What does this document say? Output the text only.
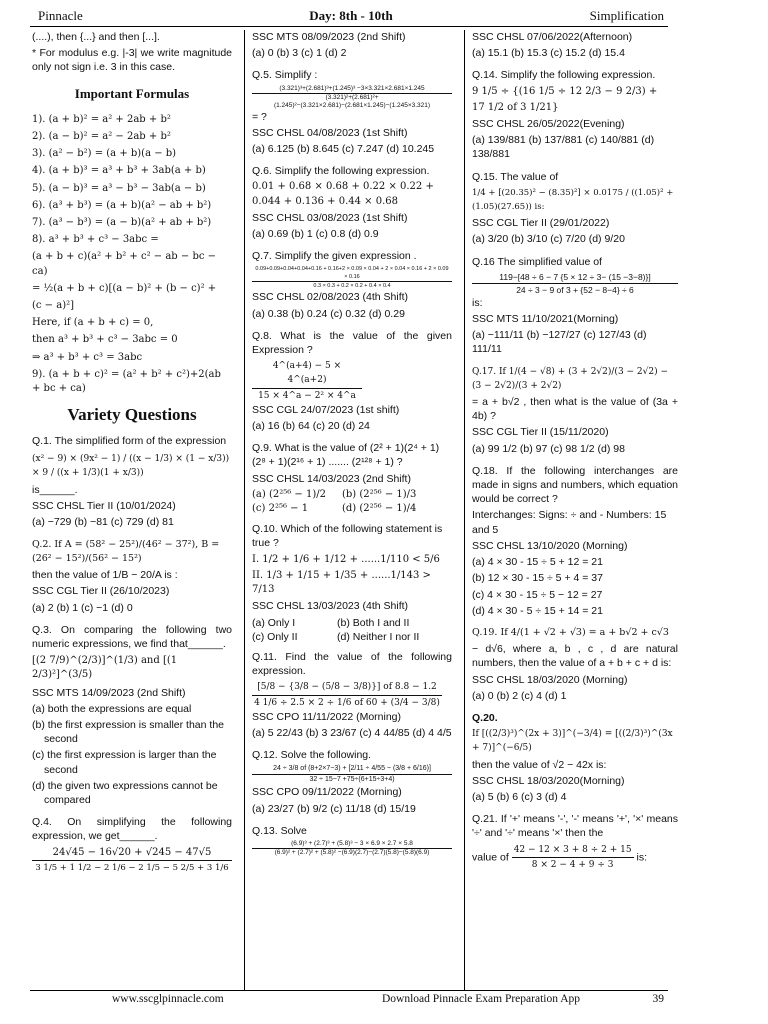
Pinnacle	Day: 8th - 10th	Simplification
(....), then {...} and then [...].
* For modulus e.g. |-3| we write magnitude only not sign i.e. 3 in this case.
Important Formulas
1). (a + b)² = a² + 2ab + b²
2). (a − b)² = a² − 2ab + b²
3). (a² − b²) = (a + b)(a − b)
4). (a + b)³ = a³ + b³ + 3ab(a + b)
5). (a − b)³ = a³ − b³ − 3ab(a − b)
6). (a³ + b³) = (a + b)(a² − ab + b²)
7). (a³ − b³) = (a − b)(a² + ab + b²)
8). a³ + b³ + c³ − 3abc =
(a + b + c)(a² + b² + c² − ab − bc − ca)
= ½(a + b + c)[(a − b)² + (b − c)² +
(c − a)²]
Here, if (a + b + c) = 0,
then a³ + b³ + c³ − 3abc = 0
⇒ a³ + b³ + c³ = 3abc
9). (a + b + c)² = (a² + b² + c²)+2(ab + bc + ca)
Variety Questions
Q.1. The simplified form of the expression
(x² − 9) × (9x² − 1) / ((x − 1/3) × (1 − x/3)) × 9 / ((x + 1/3)(1 + x/3))
is______.
SSC CHSL Tier II (10/01/2024)
(a) −729 (b) −81 (c) 729 (d) 81
Q.2. If A = (58² − 25²)/(46² − 37²), B = (26² − 15²)/(56² − 15²)
then the value of 1/B − 20/A is :
SSC CGL Tier II (26/10/2023)
(a) 2 (b) 1 (c) −1 (d) 0
Q.3. On comparing the following two numeric expressions, we find that______.
[(2 7/9)^(2/3)]^(1/3) and [(1 2/3)²]^(3/5)
SSC MTS 14/09/2023 (2nd Shift)
(a) both the expressions are equal
(b) the first expression is smaller than the second
(c) the first expression is larger than the second
(d) the given two expressions cannot be compared
Q.4. On simplifying the following expression, we get______.
$\frac{24√45 - 16√20 + √245 - 47√5}{3 1/5 + 1 1/2 - 2 1/6 - 2 1/5 - 5 2/5 + 3 1/6}$
SSC MTS 08/09/2023 (2nd Shift)
(a) 0 (b) 3 (c) 1 (d) 2
Q.5. Simplify :
(3.321)³+(2.681)³+(1.245)³ −3×3.321×2.681×1.245
(3.321)²+(2.681)²+(1.245)²−(3.321×2.681)−(2.681×1.245)−(1.245×3.321)
= ?
SSC CHSL 04/08/2023 (1st Shift)
(a) 6.125 (b) 8.645 (c) 7.247 (d) 10.245
Q.6. Simplify the following expression.
0.01 + 0.68 × 0.68 + 0.22 × 0.22 + 0.044 + 0.136 + 0.44 × 0.68
SSC CHSL 03/08/2023 (1st Shift)
(a) 0.69 (b) 1 (c) 0.8 (d) 0.9
Q.7. Simplify the given expression .
0.09+0.09+0.04+0.04+0.16 + 0.16+2 × 0.09 × 0.04 + 2 × 0.04 × 0.16 + 2 × 0.09 × 0.16
0.3 × 0.3 + 0.2 × 0.2 + 0.4 × 0.4
SSC CHSL 02/08/2023 (4th Shift)
(a) 0.38 (b) 0.24 (c) 0.32 (d) 0.29
Q.8. What is the value of the given Expression ?
$\frac{4\^{}(a+4) - 5 \times 4\^{}(a+2)}{\text{15 × 4\textasciicircum{}a − 2² × 4\textasciicircum{}a}}$
SSC CGL 24/07/2023 (1st shift)
(a) 16 (b) 64 (c) 20 (d) 24
Q.9. What is the value of (2² + 1)(2⁴ + 1)(2⁸ + 1)(2¹⁶ + 1) ....... (2¹²⁸ + 1) ?
SSC CHSL 14/03/2023 (2nd Shift)
(a) (2²⁵⁶ − 1)/2	(b) (2²⁵⁶ − 1)/3
(c) 2²⁵⁶ − 1	(d) (2²⁵⁶ − 1)/4
Q.10. Which of the following statement is true ?
I. 1/2 + 1/6 + 1/12 + ......1/110 < 5/6
II. 1/3 + 1/15 + 1/35 + ......1/143 > 7/13
SSC CHSL 13/03/2023 (4th Shift)
(a) Only I	(b) Both I and II
(c) Only II	(d) Neither I nor II
Q.11. Find the value of the following expression.
$\frac{[5/8 - \{3/8 - (5/8 - 3/8)\}] of 8.8 - 1.2}{4 1/6 \div 2.5 \times 2 \div 1/6 of 60 + (3/4 - 3/8)}$
SSC CPO 11/11/2022 (Morning)
(a) 5 22/43 (b) 3 23/67 (c) 4 44/85 (d) 4 4/5
Q.12. Solve the following.
$\frac{24 \div 3/8 of (8+2\times 7-3) + [2/11 \div 4/55 - (3/8 + 6/16)]}{32 \div 15-7 +75\div(6+15\div 3+4)}$
SSC CPO 09/11/2022 (Morning)
(a) 23/27 (b) 9/2 (c) 11/18 (d) 15/19
Q.13. Solve
$\frac{\text{(6.9)³ + (2.7)³ + (5.8)³ − 3 × 6.9 × 2.7 × 5.8}}{\text{(6.9)² + (2.7)² + (5.8)² −(6.9)(2.7)−(2.7)(5.8)−(5.8)(6.9)}}$
SSC CHSL 07/06/2022(Afternoon)
(a) 15.1 (b) 15.3 (c) 15.2 (d) 15.4
Q.14. Simplify the following expression.
9 1/5 ÷ {(16 1/5 ÷ 12 2/3 − 9 2/3) +
17 1/2 of 3 1/21}
SSC CHSL 26/05/2022(Evening)
(a) 139/881 (b) 137/881 (c) 140/881 (d) 138/881
Q.15. The value of
1/4 + [(20.35)² − (8.35)²] × 0.0175 / ((1.05)² + (1.05)(27.65)) is:
SSC CGL Tier II (29/01/2022)
(a) 3/20 (b) 3/10 (c) 7/20 (d) 9/20
Q.16 The simplified value of
$\frac{119-[48 \div 6 - 7 \{5 \times 12 \div 3- (15 -3-8)\}]}{24 \div 3 - 9 of 3 + \{52 - 8-4\} \div 6}$
is:
SSC MTS 11/10/2021(Morning)
(a) −111/11 (b) −127/27 (c) 127/43 (d) 111/11
Q.17. If 1/(4 − √8) + (3 + 2√2)/(3 − 2√2) − (3 − 2√2)/(3 + 2√2)
= a + b√2 , then what is the value of (3a + 4b) ?
SSC CGL Tier II (15/11/2020)
(a) 99 1/2 (b) 97 (c) 98 1/2 (d) 98
Q.18. If the following interchanges are made in signs and numbers, which equation would be correct ?
Interchanges: Signs: ÷ and - Numbers: 15 and 5
SSC CHSL 13/10/2020 (Morning)
(a) 4 × 30 - 15 ÷ 5 + 12 = 21
(b) 12 × 30 - 15 ÷ 5 + 4 = 37
(c) 4 × 30 - 15 ÷ 5 − 12 = 27
(d) 4 × 30 - 5 ÷ 15 + 14 = 21
Q.19. If 4/(1 + √2 + √3) = a + b√2 + c√3
− d√6, where a, b , c , d are natural numbers, then the value of a + b + c + d is:
SSC CHSL 18/03/2020 (Morning)
(a) 0 (b) 2 (c) 4 (d) 1
Q.20.
If [((2/3)³)^(2x + 3)]^(−3/4) = [((2/3)³)^(3x + 7)]^(−6/5)
then the value of √2 − 42x is:
SSC CHSL 18/03/2020(Morning)
(a) 5 (b) 6 (c) 3 (d) 4
Q.21. If '+' means '-', '-' means '+', '×' means '÷' and '÷' means '×' then the
value of $\frac{42 - 12 \times 3 + 8 \div 2 + 15}{8 \times 2 - 4 + 9 \div 3}$ is:
www.sscglpinnacle.com	Download Pinnacle Exam Preparation App	39
